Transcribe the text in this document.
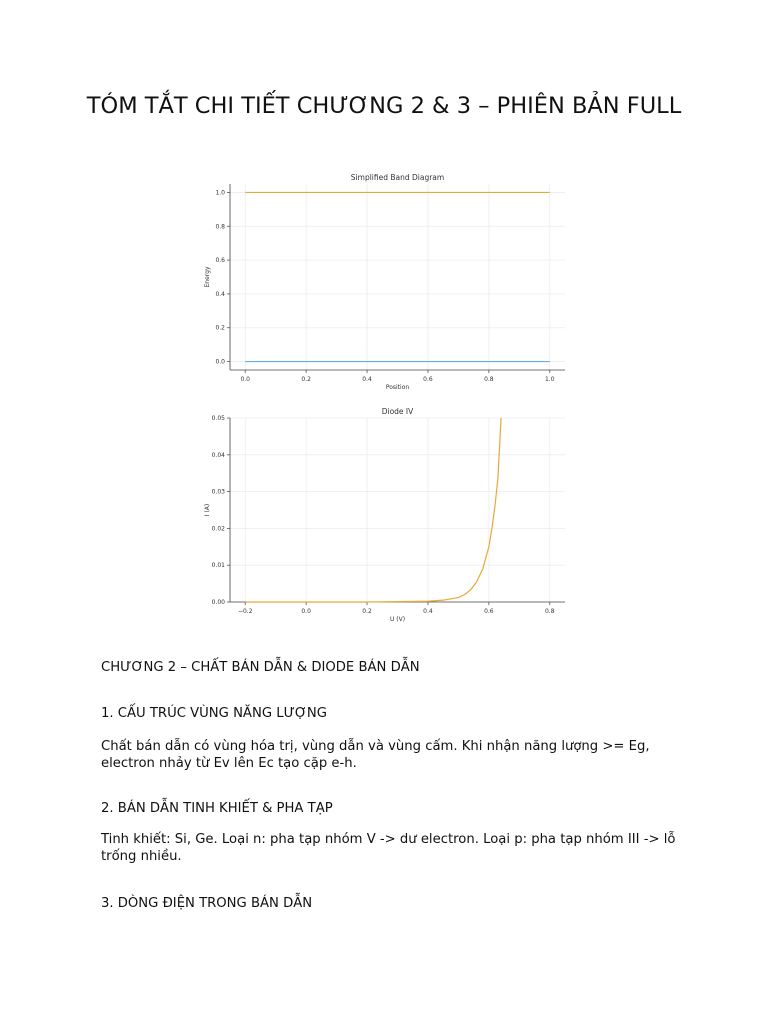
TÓM TẮT CHI TIẾT CHƯƠNG 2 & 3 – PHIÊN BẢN FULL
0.0	0.2	0.4	0.6	0.8	1.0
0.0
0.2
0.4
0.6
0.8
1.0
Simplified Band Diagram
Position
Energy
−0.2	0.0	0.2	0.4	0.6	0.8
0.00
0.01
0.02
0.03
0.04
0.05
Diode IV
U (V)
I (A)

CHƯƠNG 2 – CHẤT BÁN DẪN & DIODE BÁN DẪN

1. CẤU TRÚC VÙNG NĂNG LƯỢNG

Chất bán dẫn có vùng hóa trị, vùng dẫn và vùng cấm. Khi nhận năng lượng >= Eg, electron nhảy từ Ev lên Ec tạo cặp e-h.

2. BÁN DẪN TINH KHIẾT & PHA TẠP

Tinh khiết: Si, Ge. Loại n: pha tạp nhóm V -> dư electron. Loại p: pha tạp nhóm III -> lỗ trống nhiều.

3. DÒNG ĐIỆN TRONG BÁN DẪN
